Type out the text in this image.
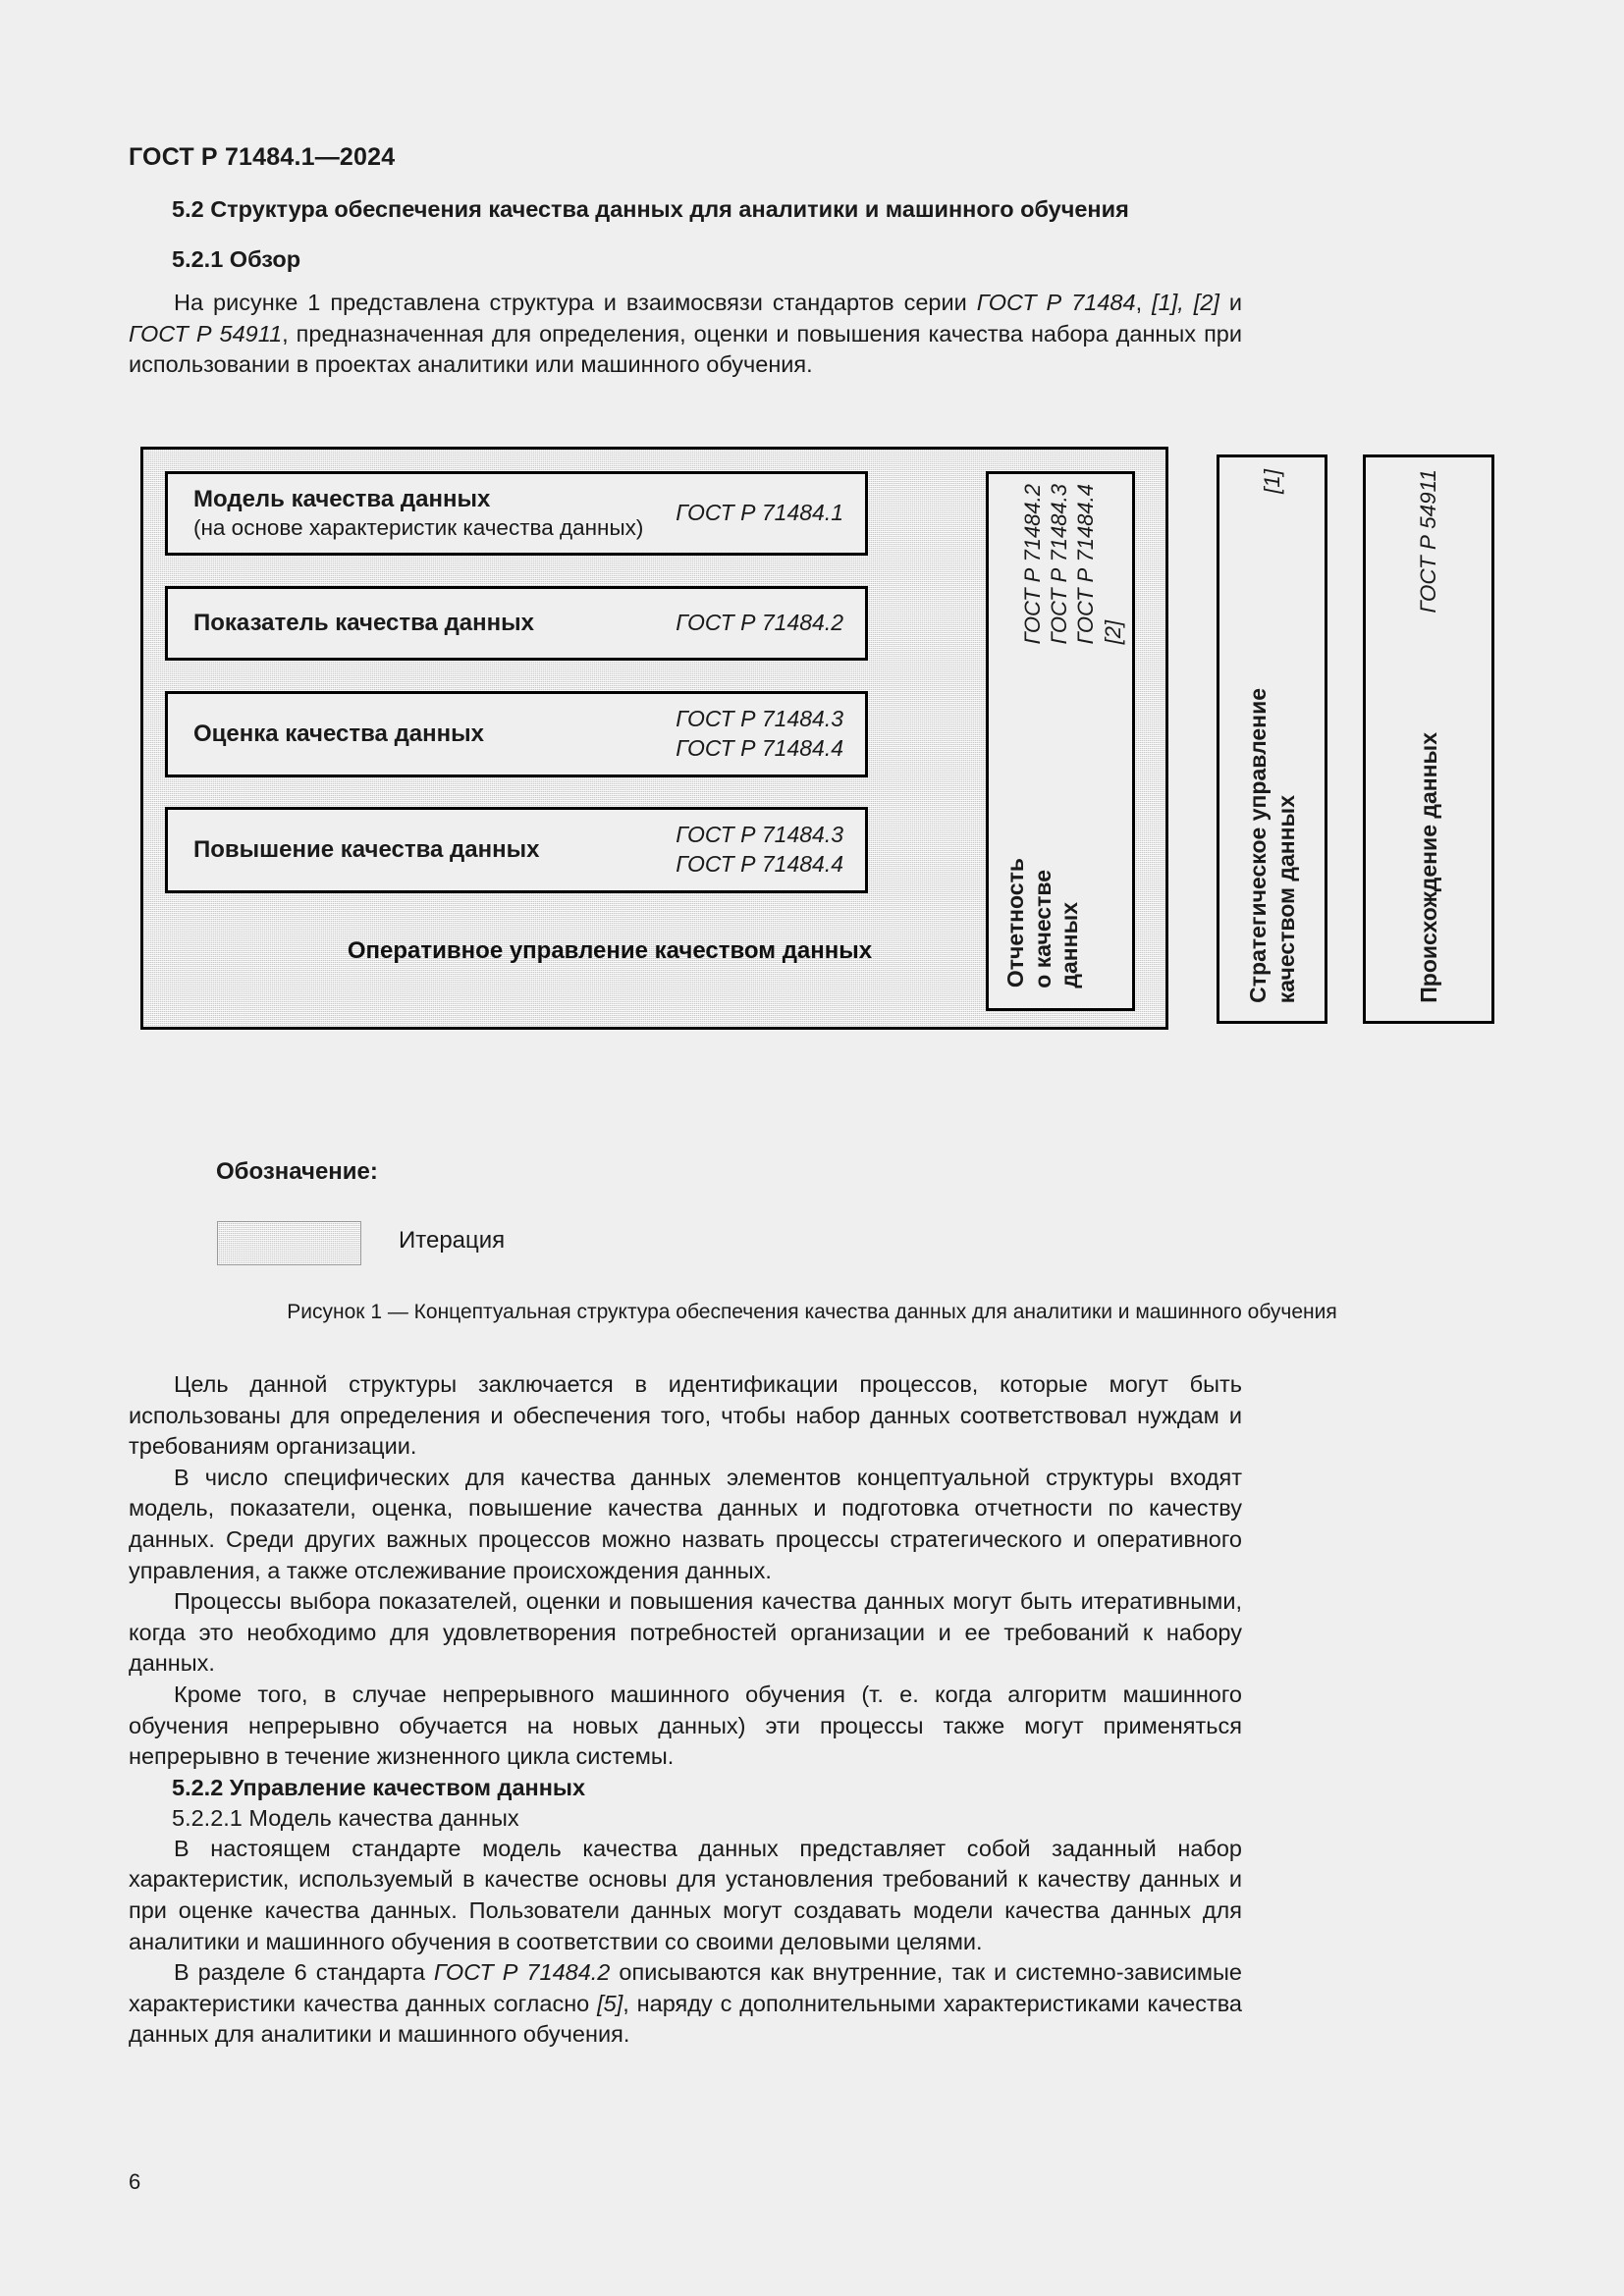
ГОСТ Р 71484.1—2024
5.2 Структура обеспечения качества данных для аналитики и машинного обучения
5.2.1 Обзор

На рисунке 1 представлена структура и взаимосвязи стандартов серии ГОСТ Р 71484, [1], [2] и ГОСТ Р 54911, предназначенная для определения, оценки и повышения качества набора данных при использовании в проектах аналитики или машинного обучения.

Модель качества данных
(на основе характеристик качества данных)
ГОСТ Р 71484.1
Показатель качества данных	ГОСТ Р 71484.2
Оценка качества данных
ГОСТ Р 71484.3
ГОСТ Р 71484.4
Повышение качества данных
ГОСТ Р 71484.3
ГОСТ Р 71484.4
[2]
ГОСТ Р 71484.4
ГОСТ Р 71484.3
ГОСТ Р 71484.2
Отчетностьо качестведанных
Оперативное управление качеством данных
[1]
Стратегическое управлениекачеством данных
ГОСТ Р 54911
Происхождение данных
Обозначение:
Итерация
Рисунок 1 — Концептуальная структура обеспечения качества данных для аналитики и машинного обучения

Цель данной структуры заключается в идентификации процессов, которые могут быть использованы для определения и обеспечения того, чтобы набор данных соответствовал нуждам и требованиям организации.

В число специфических для качества данных элементов концептуальной структуры входят модель, показатели, оценка, повышение качества данных и подготовка отчетности по качеству данных. Среди других важных процессов можно назвать процессы стратегического и оперативного управления, а также отслеживание происхождения данных.

Процессы выбора показателей, оценки и повышения качества данных могут быть итеративными, когда это необходимо для удовлетворения потребностей организации и ее требований к набору данных.

Кроме того, в случае непрерывного машинного обучения (т. е. когда алгоритм машинного обучения непрерывно обучается на новых данных) эти процессы также могут применяться непрерывно в течение жизненного цикла системы.

5.2.2 Управление качеством данных
5.2.2.1 Модель качества данных

В настоящем стандарте модель качества данных представляет собой заданный набор характеристик, используемый в качестве основы для установления требований к качеству данных и при оценке качества данных. Пользователи данных могут создавать модели качества данных для аналитики и машинного обучения в соответствии со своими деловыми целями.

В разделе 6 стандарта ГОСТ Р 71484.2 описываются как внутренние, так и системно-зависимые характеристики качества данных согласно [5], наряду с дополнительными характеристиками качества данных для аналитики и машинного обучения.

6
